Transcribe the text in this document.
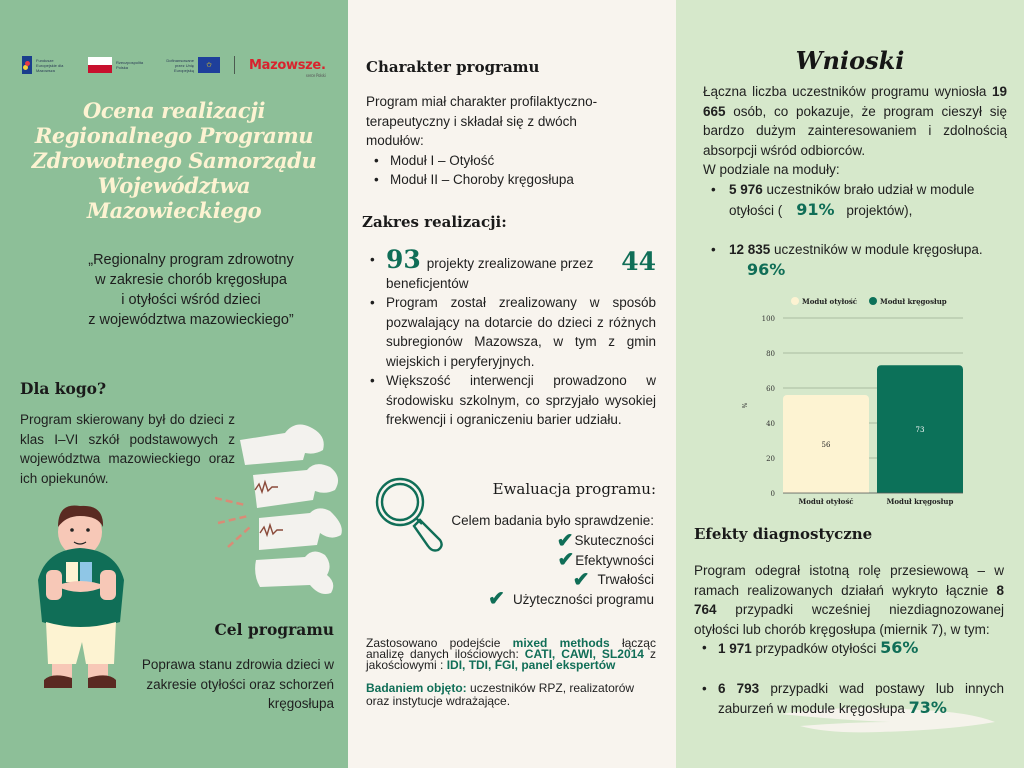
Fundusze Europejskie dla Mazowsza
Rzeczpospolita Polska
Dofinansowane przez Unię Europejską
✩	Mazowsze.
serce Polski
Ocena realizacji
Regionalnego Programu
Zdrowotnego Samorządu
Województwa
Mazowieckiego
„Regionalny program zdrowotny
w zakresie chorób kręgosłupa
i otyłości wśród dzieci
z województwa mazowieckiego”
Dla kogo?
Program skierowany był do dzieci z klas I–VI szkół podstawowych z województwa mazowieckiego oraz ich opiekunów.
Cel programu
Poprawa stanu zdrowia dzieci w zakresie otyłości oraz schorzeń kręgosłupa
Charakter programu
Program miał charakter profilaktyczno-terapeutyczny i składał się z dwóch modułów:
• Moduł I – Otyłość
• Moduł II – Choroby kręgosłupa
Zakres realizacji:
• 93 projekty zrealizowane przez 44

beneficjentów
• Program został zrealizowany w sposób pozwalający na dotarcie do dzieci z różnych subregionów Mazowsza, w tym z gmin wiejskich i peryferyjnych.
• Większość interwencji prowadzono w środowisku szkolnym, co sprzyjało wysokiej frekwencji i ograniczeniu barier udziału.
Ewaluacja programu:
Celem badania było sprawdzenie:
✔ Skuteczności
✔ Efektywności
✔ Trwałości
✔ Użyteczności programu
Zastosowano podejście mixed methods łącząc analizę danych ilościowych: CATI, CAWI, SL2014 z jakościowymi : IDI, TDI, FGI, panel ekspertów
Badaniem objęto: uczestników RPZ, realizatorów oraz instytucje wdrażające.
Wnioski
Łączna liczba uczestników programu wyniosła 19 665 osób, co pokazuje, że program cieszył się bardzo dużym zainteresowaniem i zdolnością absorpcji wśród odbiorców.
W podziale na moduły:
• 5 976 uczestników brało udział w module otyłości ( 91% projektów),
• 12 835 uczestników w module kręgosłupa.
96%
0
20
40
60
80
100
%
56
Moduł otyłość
73
Moduł kręgosłup
Moduł otyłość	Moduł kręgosłup
Efekty diagnostyczne
Program odegrał istotną rolę przesiewową – w ramach realizowanych działań wykryto łącznie 8 764 przypadki wcześniej niezdiagnozowanej otyłości lub chorób kręgosłupa (miernik 7), w tym:
• 1 971 przypadków otyłości 56%
• 6 793 przypadki wad postawy lub innych zaburzeń w module kręgosłupa 73%
